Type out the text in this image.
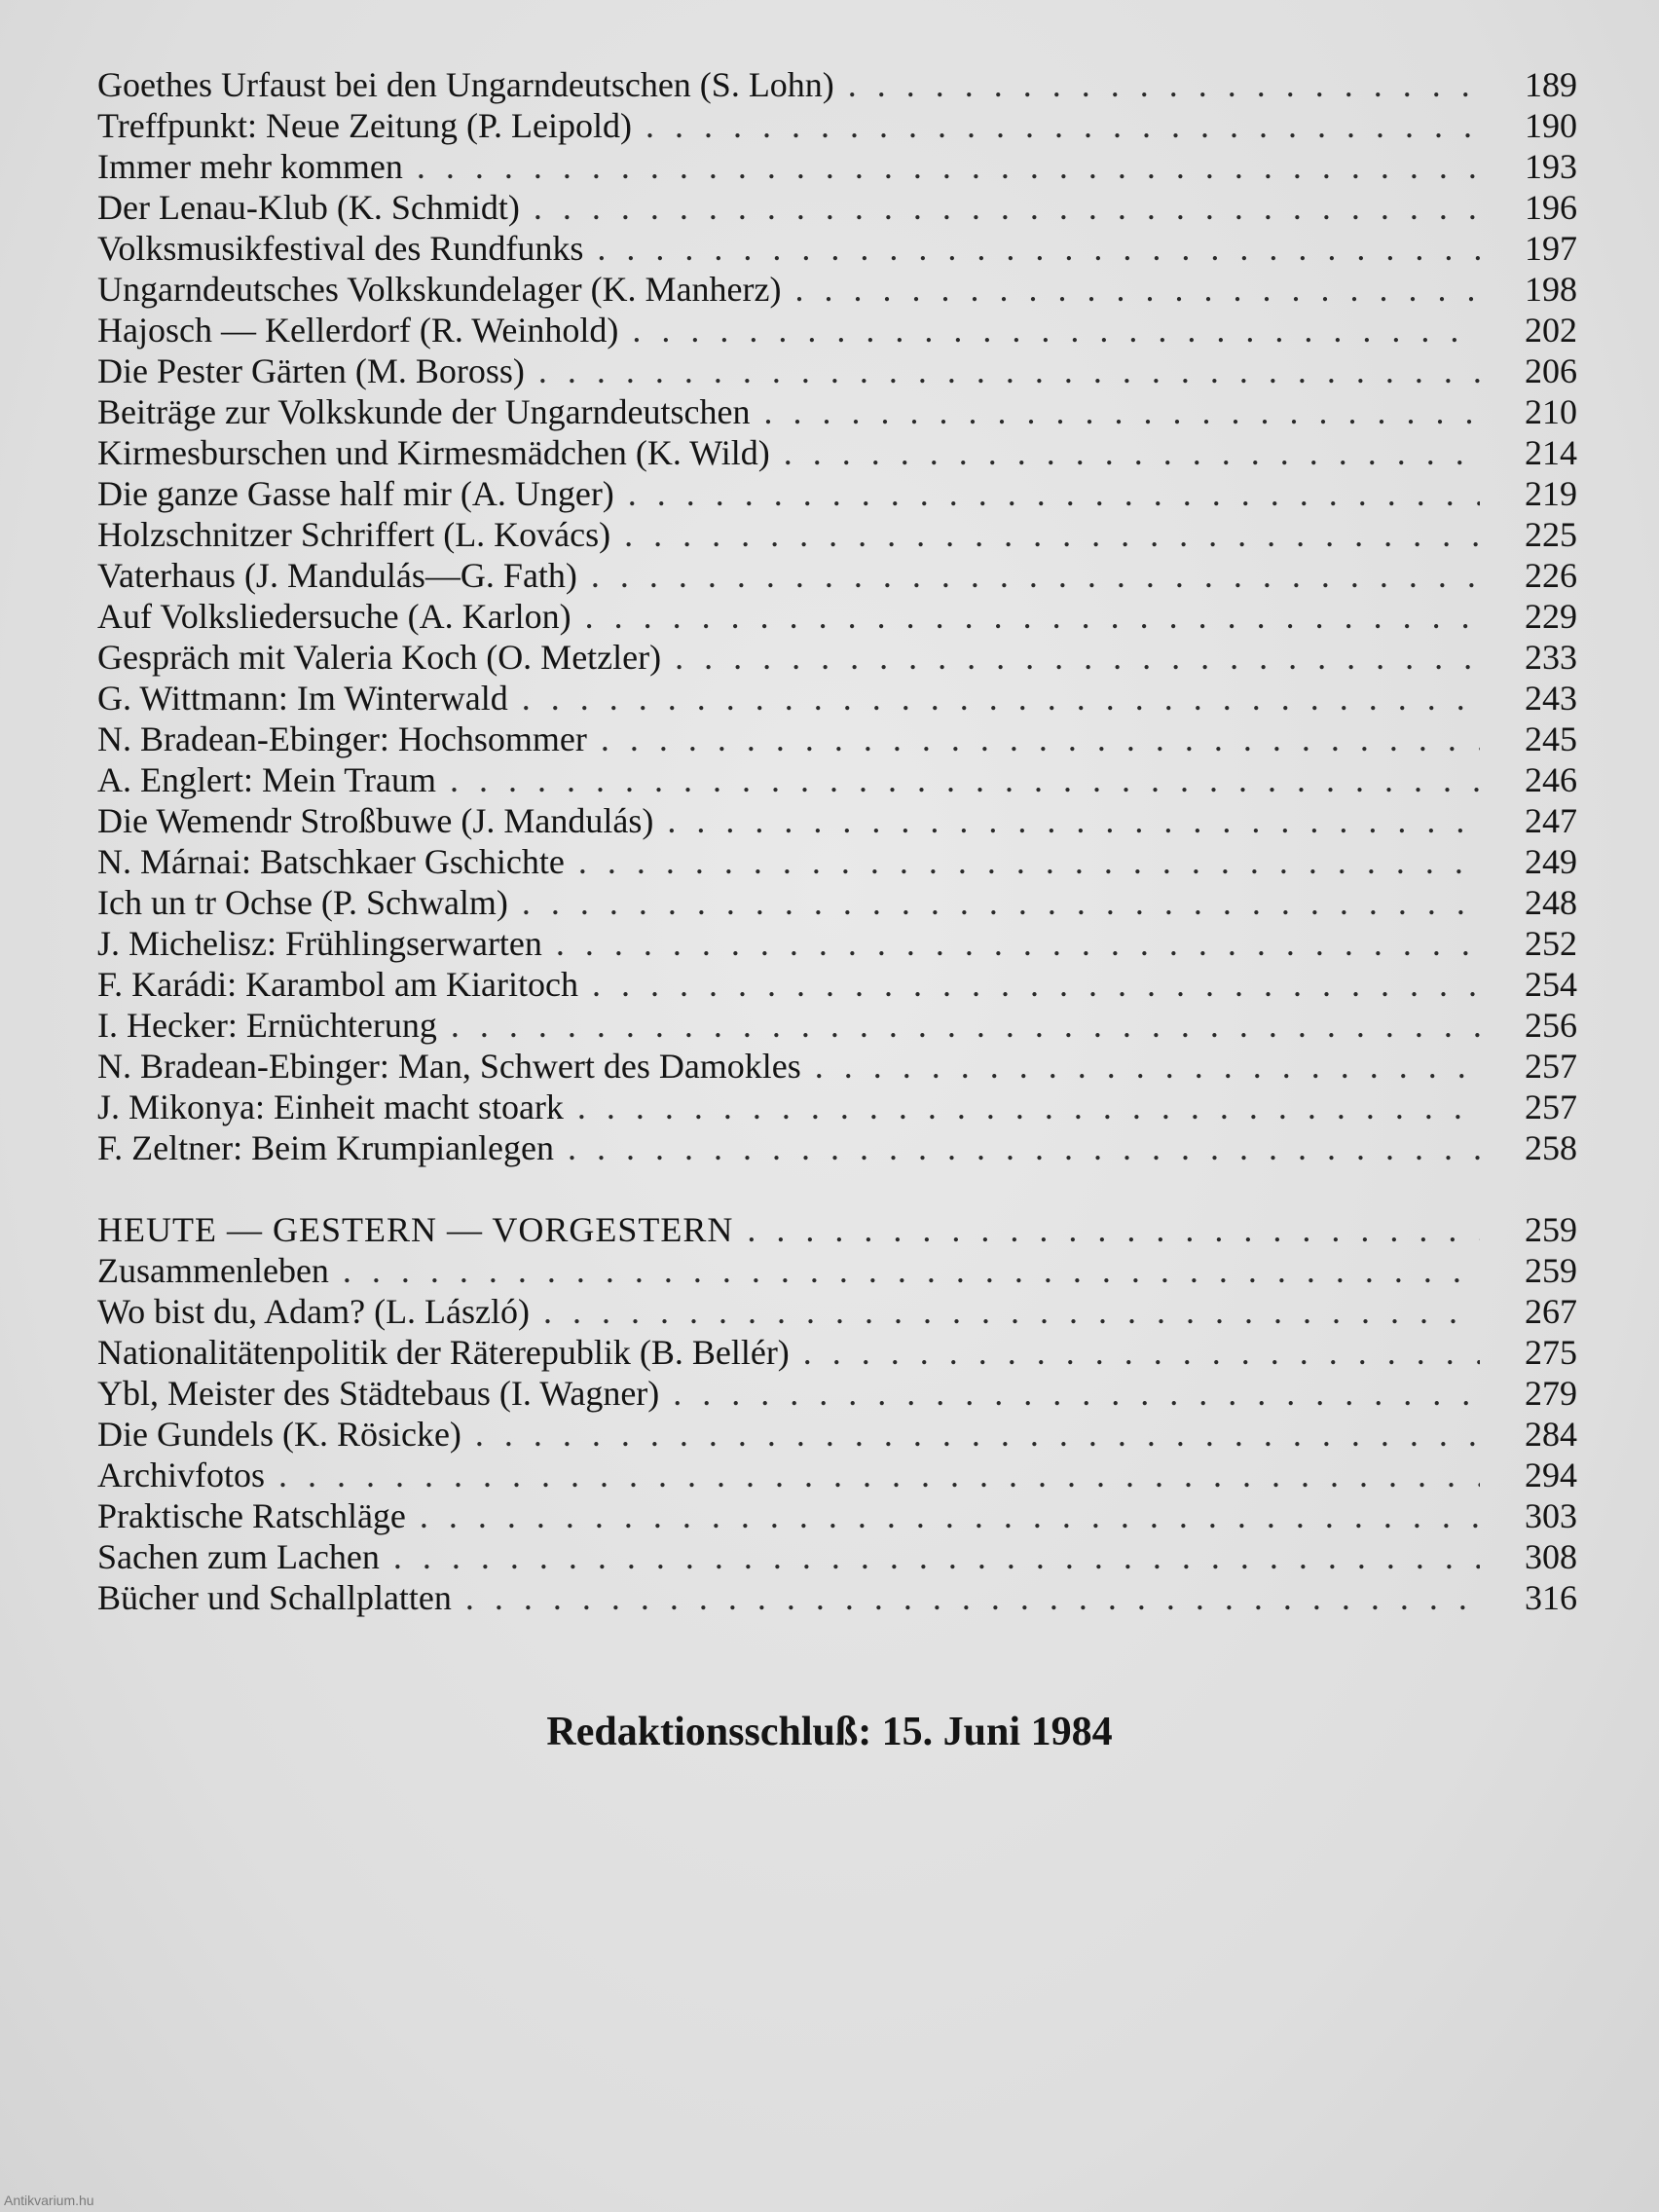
Goethes Urfaust bei den Ungarndeutschen (S. Lohn) . . .	189
Treffpunkt: Neue Zeitung (P. Leipold) . . .	190
Immer mehr kommen . . .	193
Der Lenau-Klub (K. Schmidt) . . .	196
Volksmusikfestival des Rundfunks . . .	197
Ungarndeutsches Volkskundelager (K. Manherz) . . .	198
Hajosch — Kellerdorf (R. Weinhold) . . .	202
Die Pester Gärten (M. Boross) . . .	206
Beiträge zur Volkskunde der Ungarndeutschen . . .	210
Kirmesburschen und Kirmesmädchen (K. Wild) . . .	214
Die ganze Gasse half mir (A. Unger) . . .	219
Holzschnitzer Schriffert (L. Kovács) . . .	225
Vaterhaus (J. Mandulás—G. Fath) . . .	226
Auf Volksliedersuche (A. Karlon) . . .	229
Gespräch mit Valeria Koch (O. Metzler) . . .	233
G. Wittmann: Im Winterwald . . .	243
N. Bradean-Ebinger: Hochsommer . . .	245
A. Englert: Mein Traum . . .	246
Die Wemendr Stroßbuwe (J. Mandulás) . . .	247
N. Márnai: Batschkaer Gschichte . . .	249
Ich un tr Ochse (P. Schwalm) . . .	248
J. Michelisz: Frühlingserwarten . . .	252
F. Karádi: Karambol am Kiaritoch . . .	254
I. Hecker: Ernüchterung . . .	256
N. Bradean-Ebinger: Man, Schwert des Damokles . . .	257
J. Mikonya: Einheit macht stoark . . .	257
F. Zeltner: Beim Krumpianlegen . . .	258
HEUTE — GESTERN — VORGESTERN . . .	259
Zusammenleben . . .	259
Wo bist du, Adam? (L. László) . . .	267
Nationalitätenpolitik der Räterepublik (B. Bellér) . . .	275
Ybl, Meister des Städtebaus (I. Wagner) . . .	279
Die Gundels (K. Rösicke) . . .	284
Archivfotos . . .	294
Praktische Ratschläge . . .	303
Sachen zum Lachen . . .	308
Bücher und Schallplatten . . .	316
Redaktionsschluß: 15. Juni 1984
Antikvarium.hu
